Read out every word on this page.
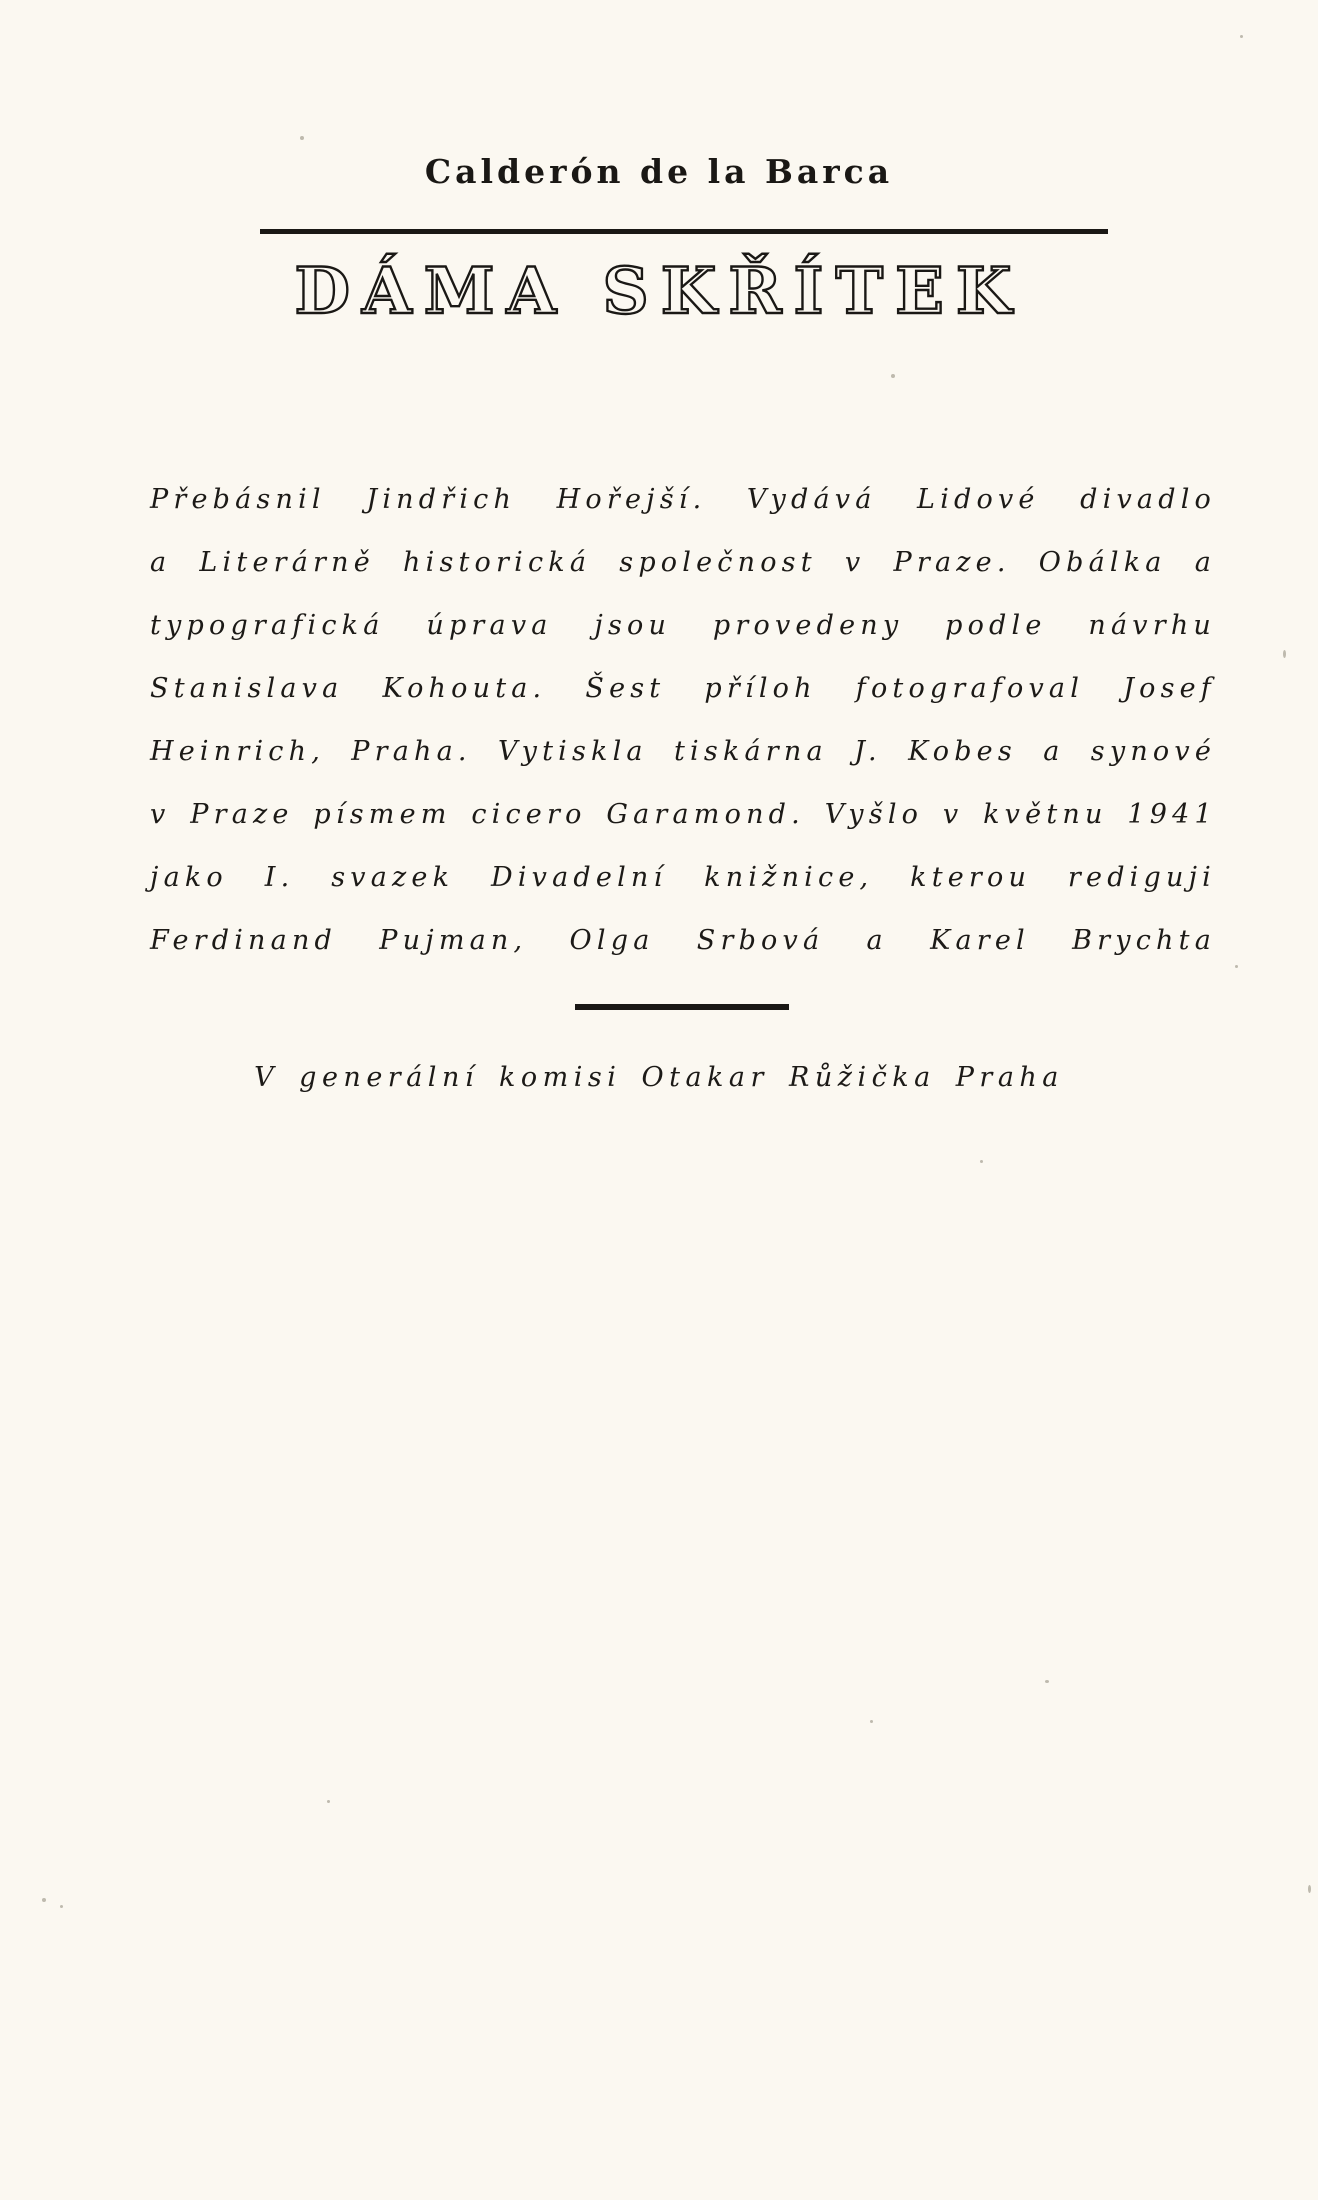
Calderón de la Barca
DÁMA SKŘÍTEK
Přebásnil Jindřich Hořejší. Vydává Lidové divadlo
a Literárně historická společnost v Praze. Obálka a
typografická úprava jsou provedeny podle návrhu
Stanislava Kohouta. Šest příloh fotografoval Josef
Heinrich, Praha. Vytiskla tiskárna J. Kobes a synové
v Praze písmem cicero Garamond. Vyšlo v květnu 1941
jako I. svazek Divadelní knižnice, kterou rediguji
Ferdinand Pujman, Olga Srbová a Karel Brychta
V generální komisi Otakar Růžička Praha
